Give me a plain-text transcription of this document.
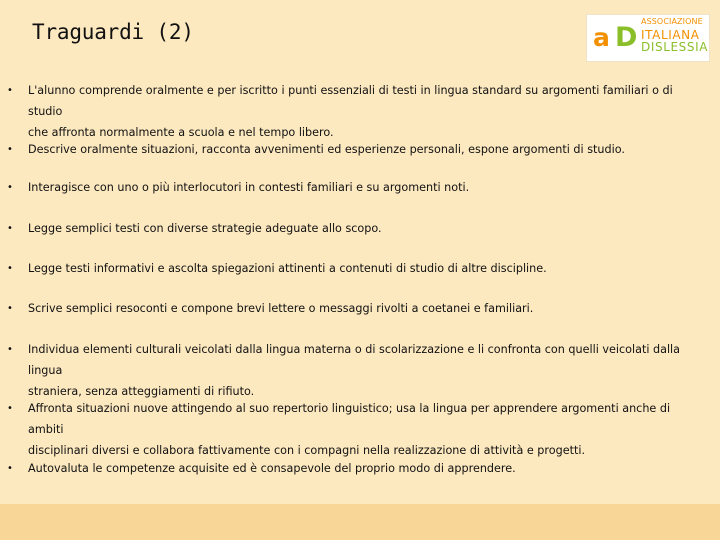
Traguardi (2)	a D
ASSOCIAZIONE
ITALIANA
DISLESSIA
• L'alunno comprende oralmente e per iscritto i punti essenziali di testi in lingua standard su argomenti familiari o di studio
che affronta normalmente a scuola e nel tempo libero.
• Descrive oralmente situazioni, racconta avvenimenti ed esperienze personali, espone argomenti di studio.
• Interagisce con uno o più interlocutori in contesti familiari e su argomenti noti.
• Legge semplici testi con diverse strategie adeguate allo scopo.
• Legge testi informativi e ascolta spiegazioni attinenti a contenuti di studio di altre discipline.
• Scrive semplici resoconti e compone brevi lettere o messaggi rivolti a coetanei e familiari.
• Individua elementi culturali veicolati dalla lingua materna o di scolarizzazione e li confronta con quelli veicolati dalla lingua
straniera, senza atteggiamenti di rifiuto.
• Affronta situazioni nuove attingendo al suo repertorio linguistico; usa la lingua per apprendere argomenti anche di ambiti
disciplinari diversi e collabora fattivamente con i compagni nella realizzazione di attività e progetti.
• Autovaluta le competenze acquisite ed è consapevole del proprio modo di apprendere.
